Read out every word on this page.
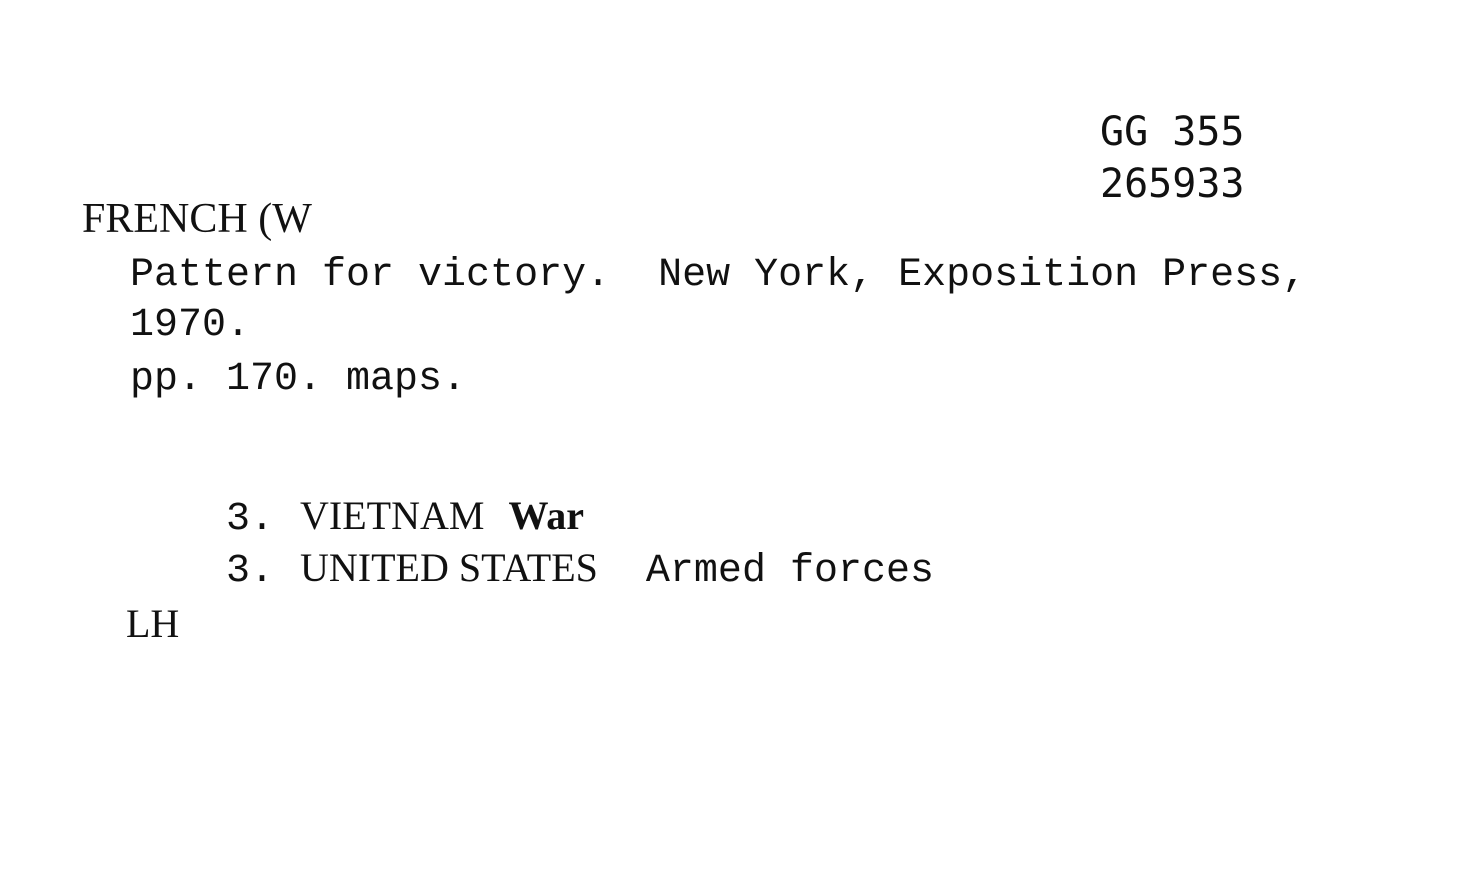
GG 355
265933
FRENCH (W
Pattern for victory.  New York, Exposition Press,
1970.
pp. 170. maps.

3. VIETNAM War

3. UNITED STATES Armed forces

LH
